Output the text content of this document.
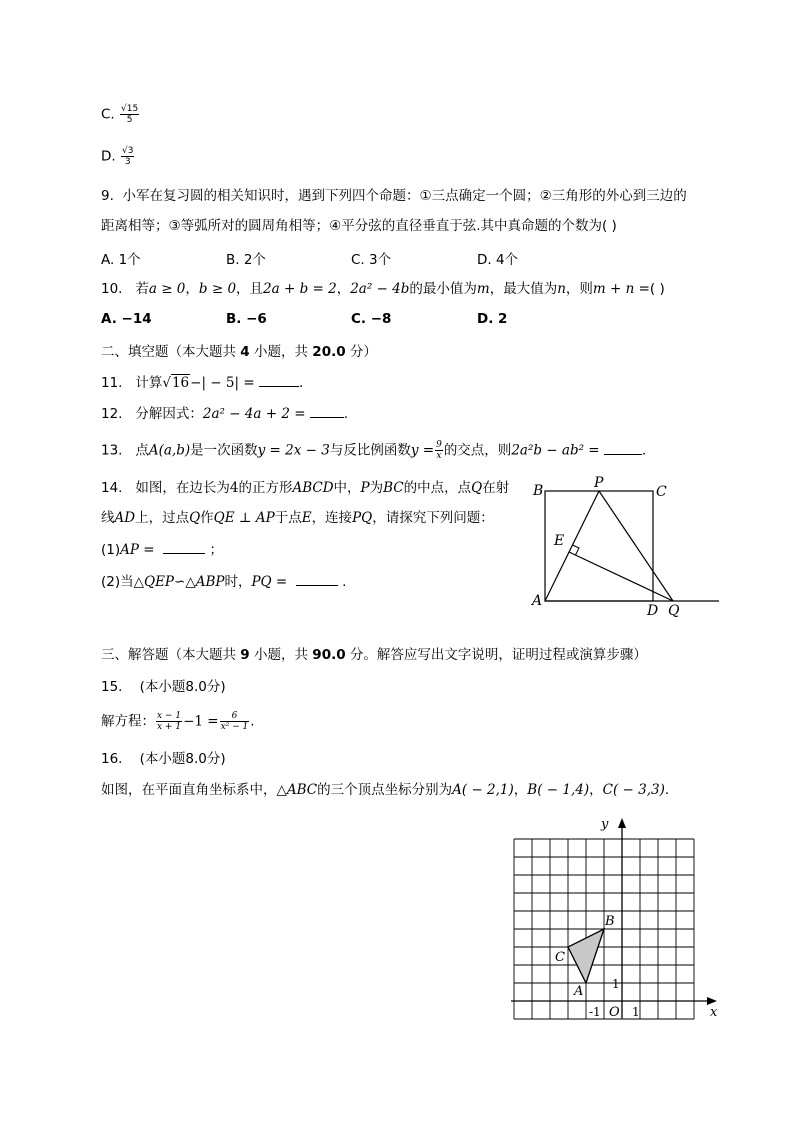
C. $\frac{√15}{5}$
D. $\frac{√3}{3}$
9. 小军在复习圆的相关知识时，遇到下列四个命题：①三点确定一个圆；②三角形的外心到三边的
距离相等；③等弧所对的圆周角相等；④平分弦的直径垂直于弦.其中真命题的个数为( )
A. 1个	B. 2个	C. 3个	D. 4个
10. 若a ≥ 0，b ≥ 0，且2a + b = 2，2a² − 4b的最小值为m，最大值为n，则m + n =( )
A. −14	B. −6	C. −8	D. 2
二、填空题（本大题共 4 小题，共 20.0 分）
11. 计算√16−| − 5| =	.
12. 分解因式：2a² − 4a + 2 =	.
13. 点A(a,b)是一次函数y = 2x − 3与反比例函数$y = \frac{9}{x}$ 的交点，则2a²b − ab² =	.
14. 如图，在边长为4的正方形ABCD中，P为BC的中点，点Q在射
线AD上，过点Q作QE ⊥ AP于点E，连接PQ，请探究下列问题：
(1)AP =	；
(2)当△QEP∽△ABP时，PQ =	.
B	P
C
E
A
D Q
三、解答题（本大题共 9 小题，共 90.0 分。解答应写出文字说明，证明过程或演算步骤）
15. (本小题8.0分)
解方程： $\frac{x - 1}{x + 1} -1 = \frac{6}{\text{x² − 1}}$ .
16. (本小题8.0分)
如图，在平面直角坐标系中，△ABC的三个顶点坐标分别为A( − 2,1)，B( − 1,4)，C( − 3,3).
y
x
O
-1	1
1
A
B
C
